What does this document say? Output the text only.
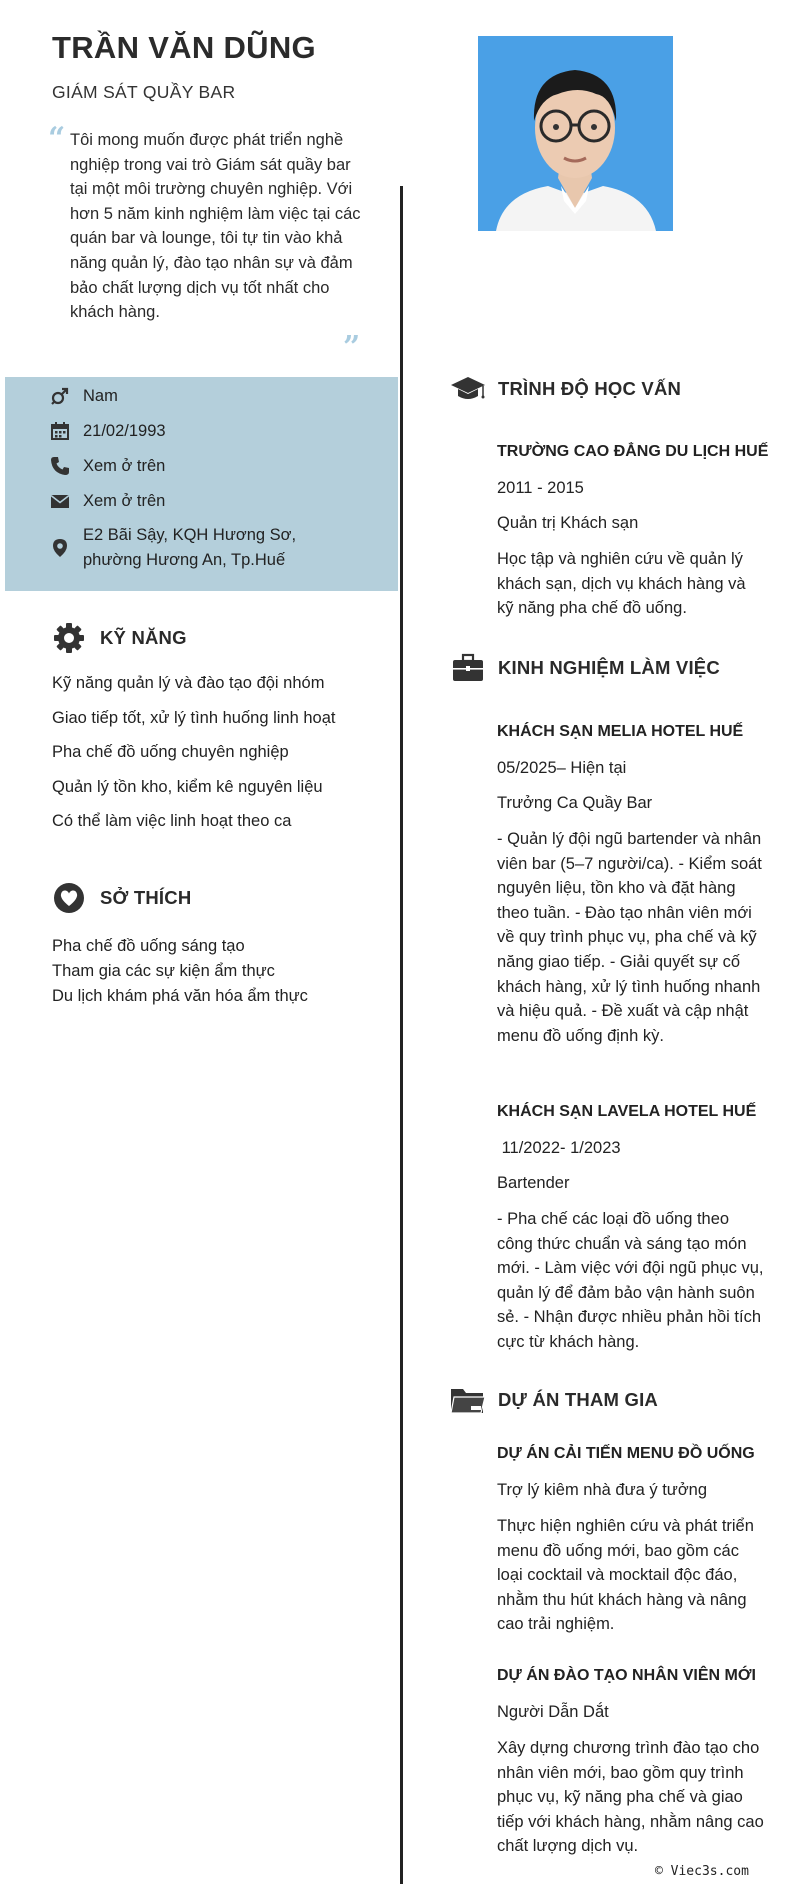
TRẦN VĂN DŨNG
GIÁM SÁT QUẦY BAR
“ Tôi mong muốn được phát triển nghề nghiệp trong vai trò Giám sát quầy bar tại một môi trường chuyên nghiệp. Với hơn 5 năm kinh nghiệm làm việc tại các quán bar và lounge, tôi tự tin vào khả năng quản lý, đào tạo nhân sự và đảm bảo chất lượng dịch vụ tốt nhất cho khách hàng.
”
Nam
21/02/1993
Xem ở trên
Xem ở trên
E2 Bãi Sậy, KQH Hương Sơ, phường Hương An, Tp.Huế
KỸ NĂNG
Kỹ năng quản lý và đào tạo đội nhóm
Giao tiếp tốt, xử lý tình huống linh hoạt
Pha chế đồ uống chuyên nghiệp
Quản lý tồn kho, kiểm kê nguyên liệu
Có thể làm việc linh hoạt theo ca
SỞ THÍCH
Pha chế đồ uống sáng tạo
Tham gia các sự kiện ẩm thực
Du lịch khám phá văn hóa ẩm thực
TRÌNH ĐỘ HỌC VẤN
TRƯỜNG CAO ĐẲNG DU LỊCH HUẾ
2011 - 2015
Quản trị Khách sạn
Học tập và nghiên cứu về quản lý khách sạn, dịch vụ khách hàng và kỹ năng pha chế đồ uống.
KINH NGHIỆM LÀM VIỆC
KHÁCH SẠN MELIA HOTEL HUẾ
05/2025– Hiện tại
Trưởng Ca Quầy Bar
- Quản lý đội ngũ bartender và nhân viên bar (5–7 người/ca). - Kiểm soát nguyên liệu, tồn kho và đặt hàng theo tuần. - Đào tạo nhân viên mới về quy trình phục vụ, pha chế và kỹ năng giao tiếp. - Giải quyết sự cố khách hàng, xử lý tình huống nhanh và hiệu quả. - Đề xuất và cập nhật menu đồ uống định kỳ.
KHÁCH SẠN LAVELA HOTEL HUẾ
11/2022- 1/2023
Bartender
- Pha chế các loại đồ uống theo công thức chuẩn và sáng tạo món mới. - Làm việc với đội ngũ phục vụ, quản lý để đảm bảo vận hành suôn sẻ. - Nhận được nhiều phản hồi tích cực từ khách hàng.
DỰ ÁN THAM GIA
DỰ ÁN CẢI TIẾN MENU ĐỒ UỐNG
Trợ lý kiêm nhà đưa ý tưởng
Thực hiện nghiên cứu và phát triển menu đồ uống mới, bao gồm các loại cocktail và mocktail độc đáo, nhằm thu hút khách hàng và nâng cao trải nghiệm.
DỰ ÁN ĐÀO TẠO NHÂN VIÊN MỚI
Người Dẫn Dắt
Xây dựng chương trình đào tạo cho nhân viên mới, bao gồm quy trình phục vụ, kỹ năng pha chế và giao tiếp với khách hàng, nhằm nâng cao chất lượng dịch vụ.
© Viec3s.com
